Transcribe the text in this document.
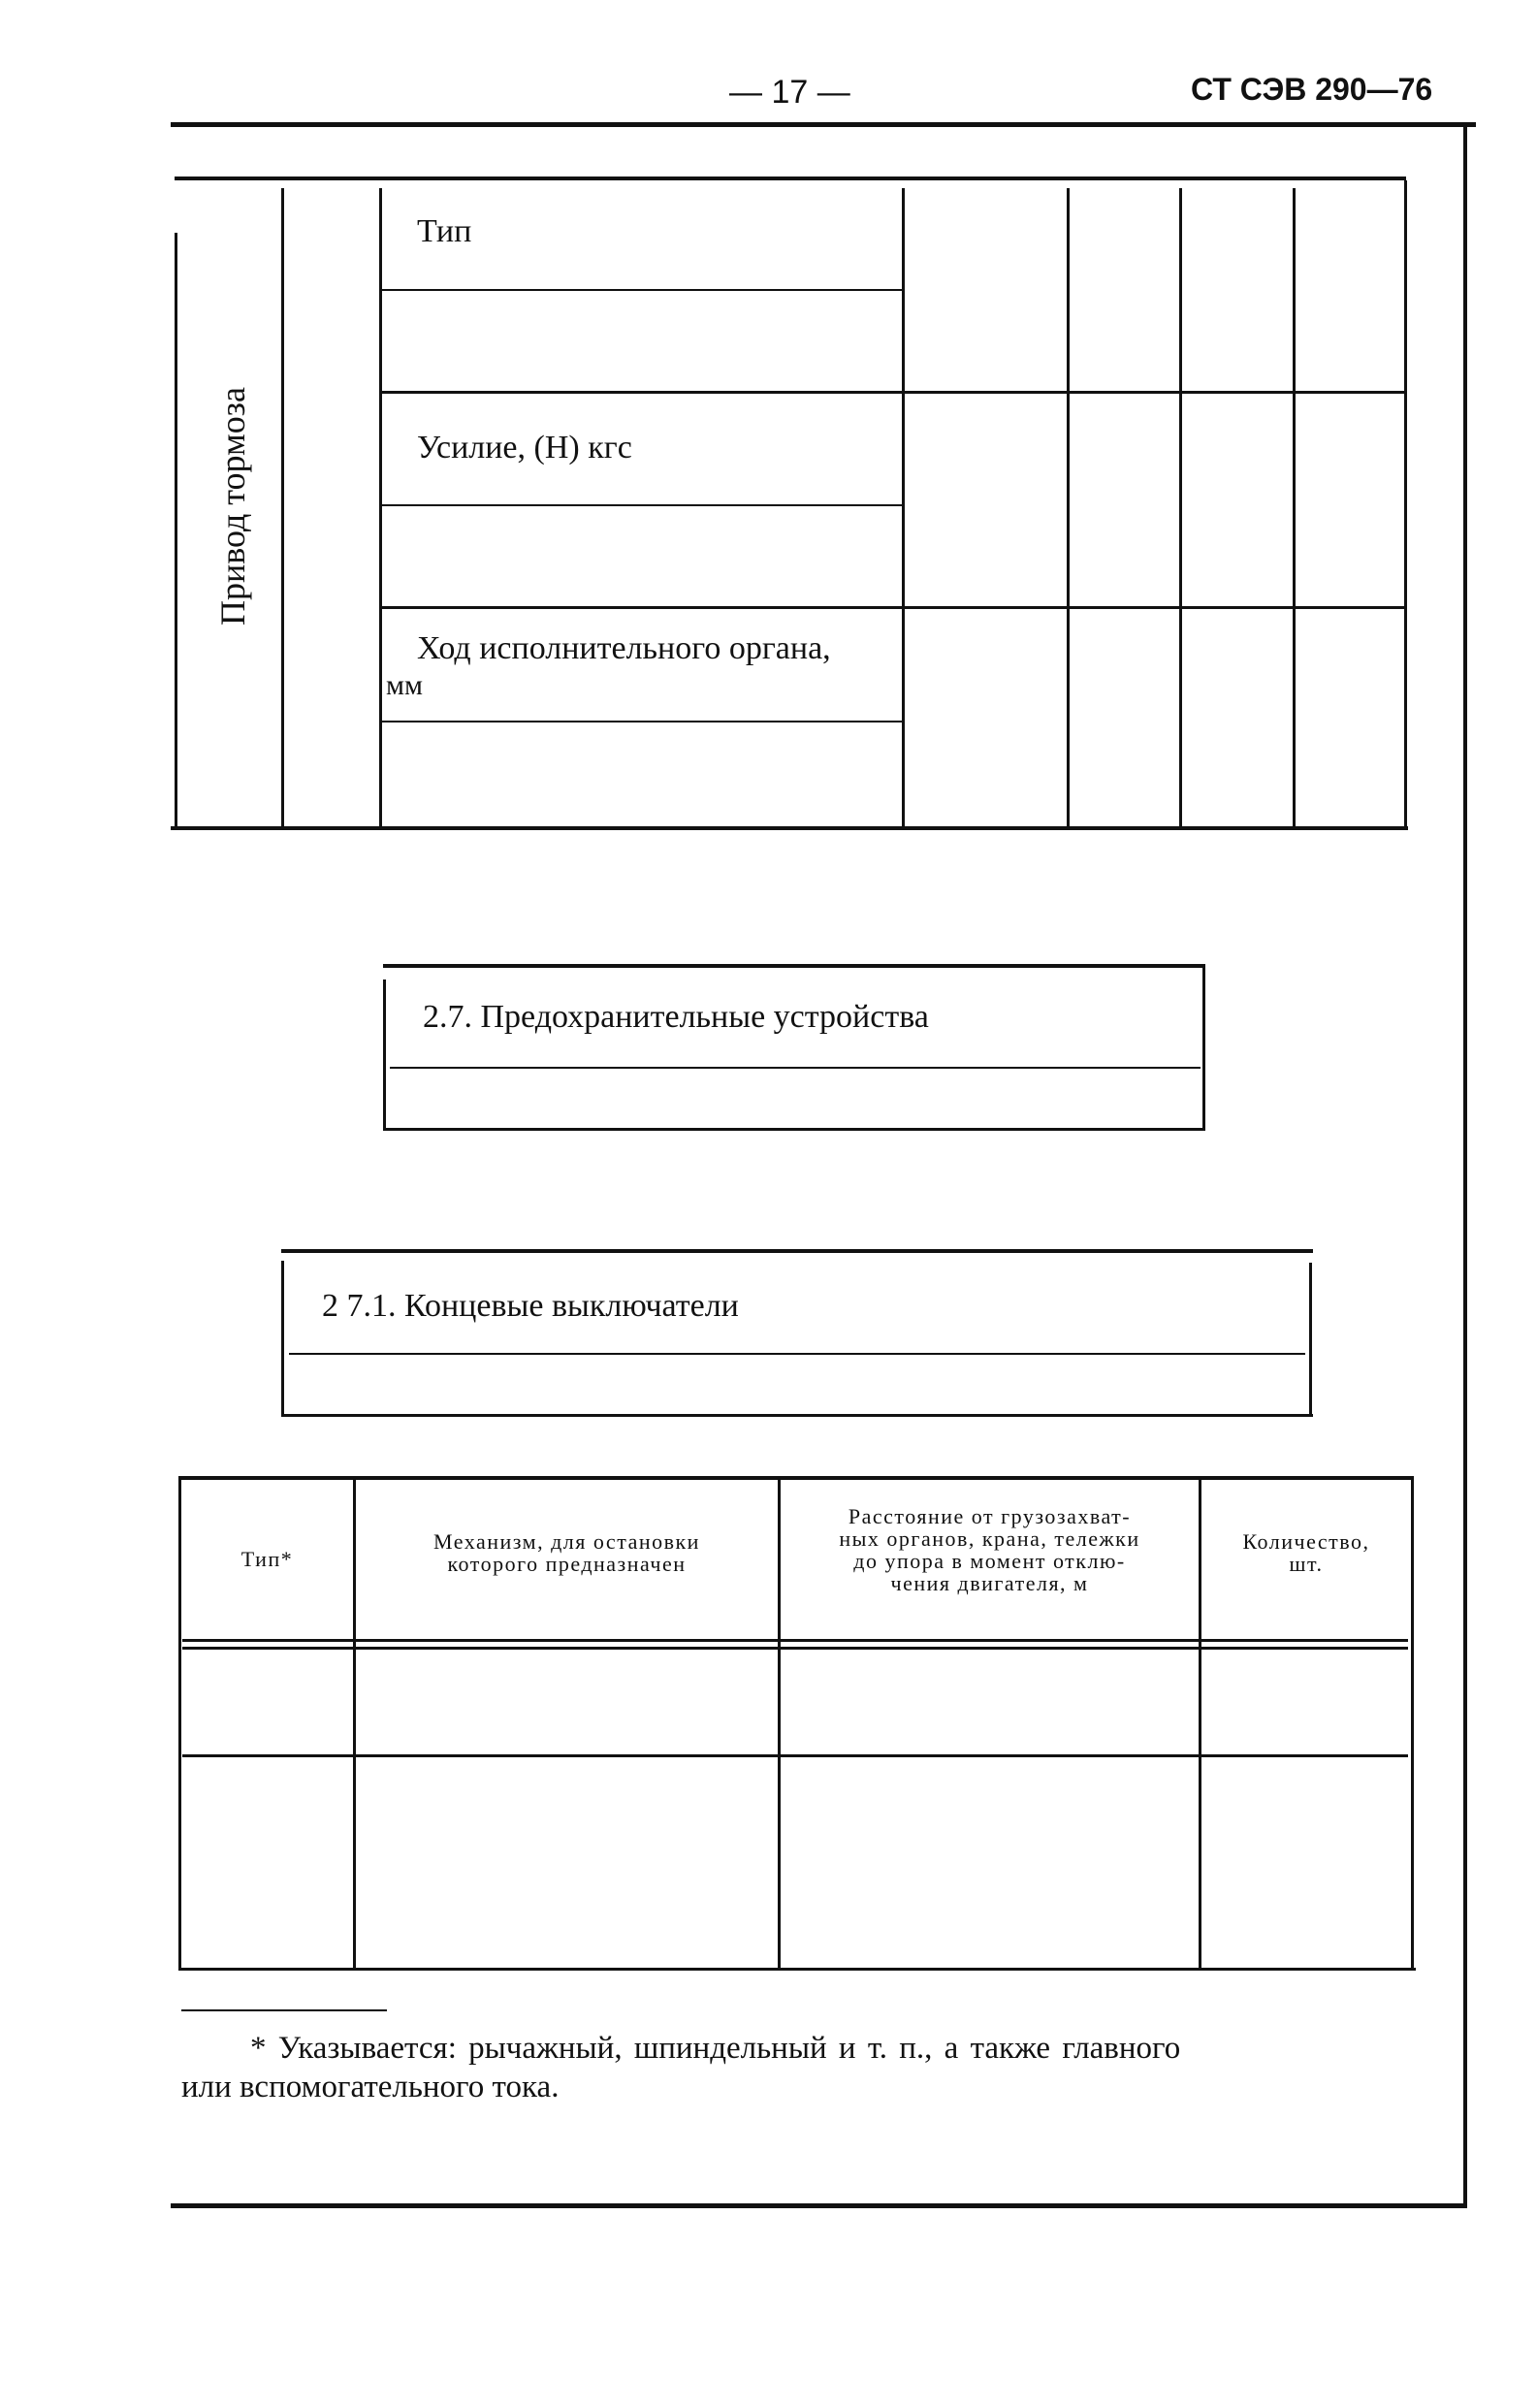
— 17 —	СТ СЭВ 290—76
Привод тормоза
Тип
Усилие, (Н) кгс
Ход исполнительного органа,
мм
2.7. Предохранительные устройства
2 7.1. Концевые выключатели
Тип*
Механизм, для остановки
которого предназначен
Расстояние от грузозахват-
ных органов, крана, тележки
до упора в момент отклю-
чения двигателя, м
Количество,
шт.
* Указывается: рычажный, шпиндельный и т. п., а также главного
или вспомогательного тока.
